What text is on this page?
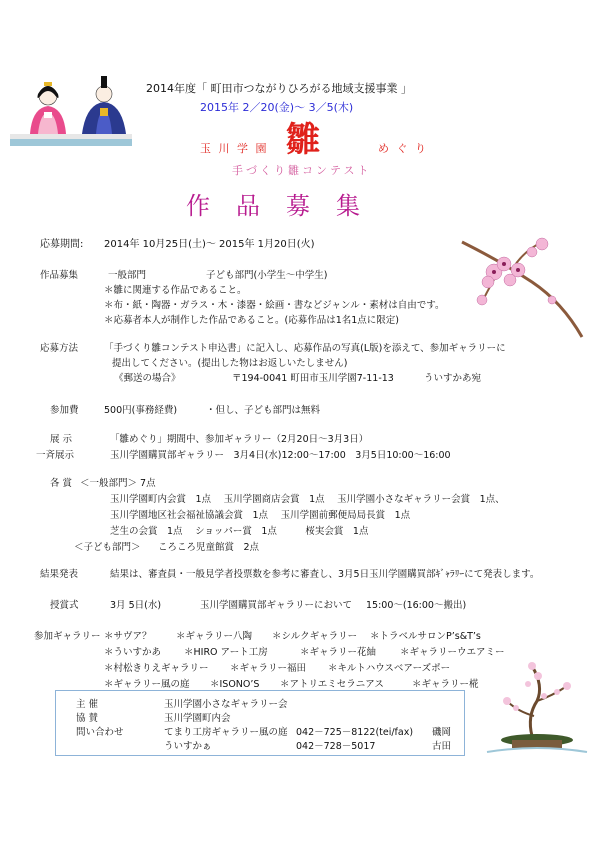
2014年度「 町田市つながりひろがる地域支援事業 」
2015年 2／20(金)～ 3／5(木)
玉 川 学 園 雛	め ぐ り
手づくり雛コンテスト
作品募集
応募期間: 2014年 10月25日(土)～ 2015年 1月20日(火)
作品募集	一般部門	子ども部門(小学生～中学生)
＊雛に関連する作品であること。
＊布・紙・陶器・ガラス・木・漆器・絵画・書などジャンル・素材は自由です。
＊応募者本人が制作した作品であること。(応募作品は1名1点に限定)
応募方法	「手づくり雛コンテスト申込書」に記入し、応募作品の写真(L版)を添えて、参加ギャラリーに
提出してください。(提出した物はお返しいたしません)
《郵送の場合》	〒194-0041 町田市玉川学園7-11-13	ういすかあ宛
参加費	500円(事務経費)	・但し、子ども部門は無料
展 示	「雛めぐり」期間中、参加ギャラリー（2月20日～3月3日）
一斉展示	玉川学園購買部ギャラリー　3月4日(水)12:00～17:00　3月5日10:00～16:00
各 賞 ＜一般部門＞ 7点
玉川学園町内会賞　1点　 玉川学園商店会賞　1点　 玉川学園小さなギャラリー会賞　1点、
玉川学園地区社会福祉協議会賞　1点　 玉川学園前郵便局局長賞　1点
芝生の会賞　1点　 ショッパー賞　1点　　　桜実会賞　1点
＜子ども部門＞ ころころ児童館賞　2点
結果発表	結果は、審査員・一般見学者投票数を参考に審査し、3月5日玉川学園購買部ｷﾞｬﾗﾘｰにて発表します。
授賞式	3月 5日(水)	玉川学園購買部ギャラリーにおいて 15:00～(16:00～搬出)
参加ギャラリー ＊サヴア？	＊ギャラリー八陶 ＊シルクギャラリー ＊トラベルサロンP’s&T’s
＊ういすかあ ＊HIRO アート工房	＊ギャラリー花紬	＊ギャラリーウエアミー
＊村松きりえギャラリー ＊ギャラリー福田 ＊キルトハウスベアーズポー
＊ギャラリー風の庭 ＊ISONO’S ＊アトリエミセラニアス	＊ギャラリー椛
主 催	玉川学園小さなギャラリー会
協 賛	玉川学園町内会
問い合わせ	てまり工房ギャラリー風の庭 042－725－8122(tei/fax) 磯岡
ういすかぁ	042－728－5017	古田
